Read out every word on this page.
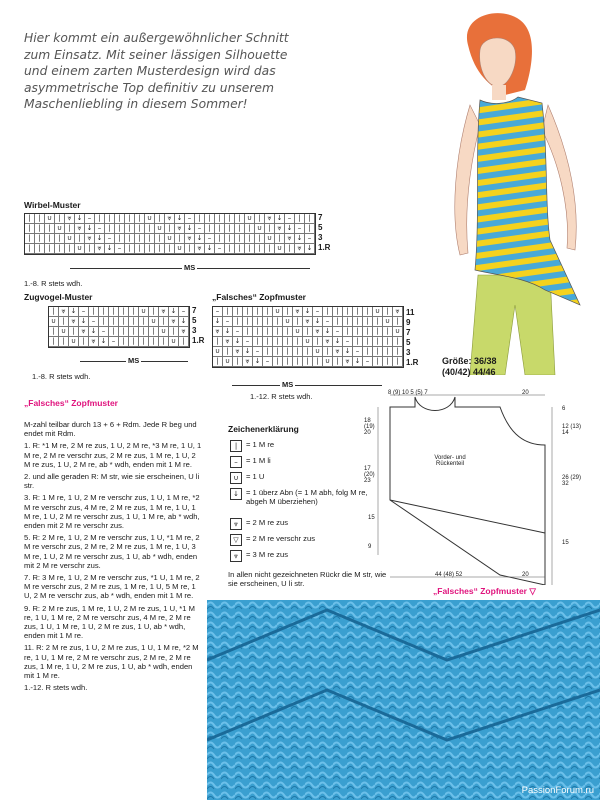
Hier kommt ein außergewöhnlicher Schnitt
zum Einsatz. Mit seiner lässigen Silhouette
und einem zarten Musterdesign wird das
asymmetrische Top definitiv zu unserem
Maschenliebling in diesem Sommer!
Wirbel-Muster
|	| ∪ | ⩔ ↓ –	|	|	|	|	| ∪ | ⩔ ↓ –	|	|	|	|	| ∪ | ⩔ ↓ –	|	|
|	|	| ∪ | ⩔ ↓ –	|	|	|	|	| ∪ | ⩔ ↓ –	|	|	|	|	| ∪ | ⩔ ↓ –	|
|	|	|	| ∪ | ⩔ ↓ –	|	|	|	|	| ∪ | ⩔ ↓ –	|	|	|	|	| ∪ | ⩔ ↓ –
|	|	|	|	| ∪ | ⩔ ↓ –	|	|	|	|	| ∪ | ⩔ ↓ –	|	|	|	|	| ∪ | ⩔ ↓
7
5
3
1.R
MS
1.-8. R stets wdh.
Zugvogel-Muster
| ⩔ ↓ –	|	|	|	|	| ∪ | ⩔ ↓ –
∪ | ⩔ ↓ –	|	|	|	|	| ∪ | ⩔ ↓
| ∪ | ⩔ ↓ –	|	|	|	|	| ∪ | ⩔
|	| ∪ | ⩔ ↓ –	|	|	|	|	| ∪ |
7
5
3
1.R
MS
1.-8. R stets wdh.
„Falsches“ Zopfmuster
–	|	|	|	|	| ∪ | ⩔ ↓ –	|	|	|	|	| ∪ | ⩔
↓ –	|	|	|	|	| ∪ | ⩔ ↓ –	|	|	|	|	| ∪ |
⩔ ↓ –	|	|	|	|	| ∪ | ⩔ ↓ –	|	|	|	|	| ∪
| ⩔ ↓ –	|	|	|	|	| ∪ | ⩔ ↓ –	|	|	|	|	|
∪ | ⩔ ↓ –	|	|	|	|	| ∪ | ⩔ ↓ –	|	|	|	|
| ∪ | ⩔ ↓ –	|	|	|	|	| ∪ | ⩔ ↓ –	|	|	|
11
9
7
5
3
1.R
MS
1.-12. R stets wdh.
„Falsches“ Zopfmuster

M-zahl teilbar durch 13 + 6 + Rdm. Jede R beg und endet mit Rdm.

1. R: *1 M re, 2 M re zus, 1 U, 2 M re, *3 M re, 1 U, 1 M re, 2 M re verschr zus, 2 M re zus, 1 M re, 1 U, 2 M re zus, 1 U, 2 M re, ab * wdh, enden mit 1 M re.

2. und alle geraden R: M str, wie sie erscheinen, U li str.

3. R: 1 M re, 1 U, 2 M re verschr zus, 1 U, 1 M re, *2 M re verschr zus, 4 M re, 2 M re zus, 1 M re, 1 U, 1 M re, 1 U, 2 M re verschr zus, 1 U, 1 M re, ab * wdh, enden mit 2 M re verschr zus.

5. R: 2 M re, 1 U, 2 M re verschr zus, 1 U, *1 M re, 2 M re verschr zus, 2 M re, 2 M re zus, 1 M re, 1 U, 3 M re, 1 U, 2 M re verschr zus, 1 U, ab * wdh, enden mit 2 M re verschr zus.

7. R: 3 M re, 1 U, 2 M re verschr zus, *1 U, 1 M re, 2 M re verschr zus, 2 M re zus, 1 M re, 1 U, 5 M re, 1 U, 2 M re verschr zus, ab * wdh, enden mit 1 M re.

9. R: 2 M re zus, 1 M re, 1 U, 2 M re zus, 1 U, *1 M re, 1 U, 1 M re, 2 M re verschr zus, 4 M re, 2 M re zus, 1 U, 1 M re, 1 U, 2 M re zus, 1 U, ab * wdh, enden mit 1 M re.

11. R: 2 M re zus, 1 U, 2 M re zus, 1 U, 1 M re, *2 M re, 1 U, 1 M re, 2 M re verschr zus, 2 M re, 2 M re zus, 1 M re, 1 U, 2 M re zus, 1 U, ab * wdh, enden mit 1 M re.

1.-12. R stets wdh.

Zeichenerklärung
|	= 1 M re
–	= 1 M li
∪ = 1 U
↓ = 1 überz Abn (= 1 M abh, folg M re, abgeh M überziehen)
⩔	= 2 M re zus
▽ = 2 M re verschr zus
⩔	= 3 M re zus
In allen nicht gezeichneten Rückr die M str, wie sie erscheinen, U li str.
Größe: 36/38
(40/42) 44/46
8 (9) 10 5 (5) 7	20
6
12 (13) 14
26 (29) 32
15
18 (19) 20
17 (20) 23
15
9
Vorder- und Rückenteil
44 (48) 52	20
„Falsches“ Zopfmuster ▽
PassionForum.ru
